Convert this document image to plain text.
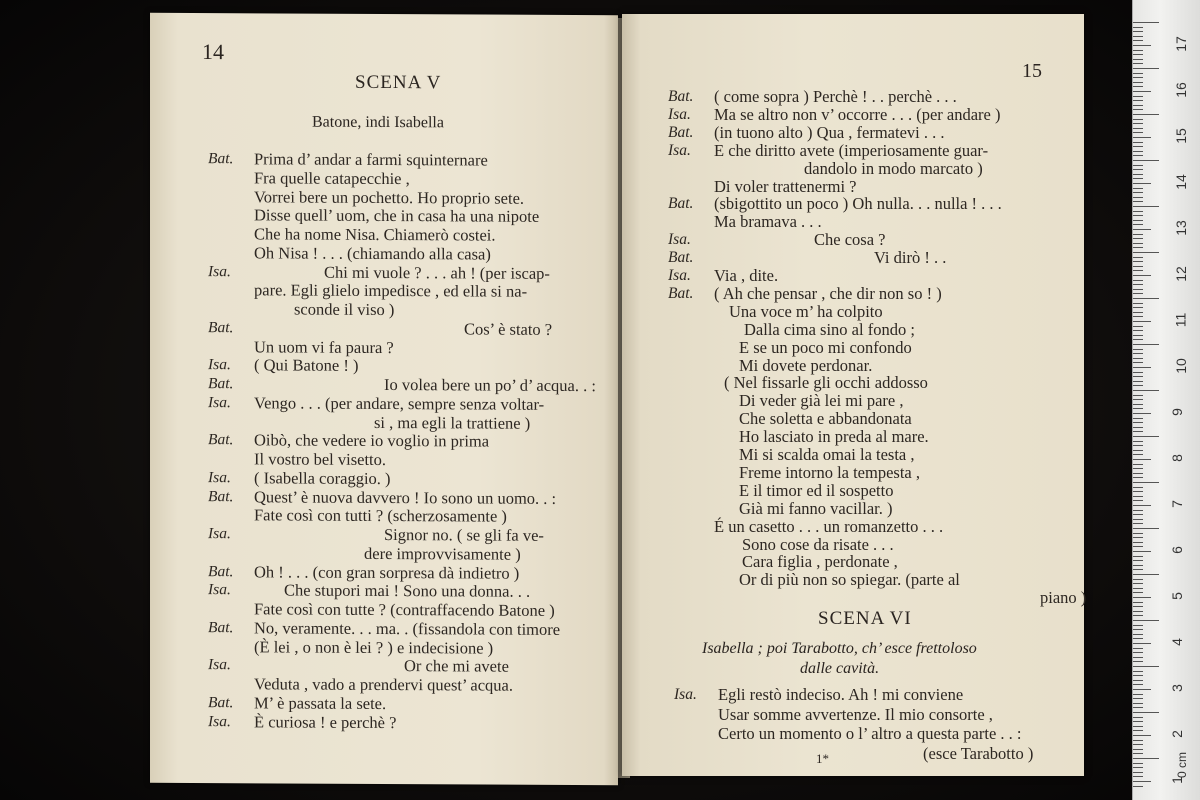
14
SCENA V
Batone, indi Isabella
Bat. Prima d’ andar a farmi squinternare
Fra quelle catapecchie ,
Vorrei bere un pochetto. Ho proprio sete.
Disse quell’ uom, che in casa ha una nipote
Che ha nome Nisa. Chiamerò costei.
Oh Nisa ! . . . (chiamando alla casa)
Isa.	Chi mi vuole ? . . . ah ! (per iscap-
pare. Egli glielo impedisce , ed ella si na-
sconde il viso )
Bat.	Cos’ è stato ?
Un uom vi fa paura ?
Isa. ( Qui Batone ! )
Bat.	Io volea bere un po’ d’ acqua. . :
Isa. Vengo . . . (per andare, sempre senza voltar-
si , ma egli la trattiene )
Bat. Oibò, che vedere io voglio in prima
Il vostro bel visetto.
Isa. ( Isabella coraggio. )
Bat. Quest’ è nuova davvero ! Io sono un uomo. . :
Fate così con tutti ? (scherzosamente )
Isa.	Signor no. ( se gli fa ve-
dere improvvisamente )
Bat. Oh ! . . . (con gran sorpresa dà indietro )
Isa.	Che stupori mai ! Sono una donna. . .
Fate così con tutte ? (contraffacendo Batone )
Bat. No, veramente. . . ma. . (fissandola con timore
(È lei , o non è lei ? ) e indecisione )
Isa.	Or che mi avete
Veduta , vado a prendervi quest’ acqua.
Bat. M’ è passata la sete.
Isa. È curiosa ! e perchè ?
15
Bat. ( come sopra ) Perchè ! . . perchè . . .
Isa. Ma se altro non v’ occorre . . . (per andare )
Bat. (in tuono alto ) Qua , fermatevi . . .
Isa. E che diritto avete (imperiosamente guar-
dandolo in modo marcato )
Di voler trattenermi ?
Bat. (sbigottito un poco ) Oh nulla. . . nulla ! . . .
Ma bramava . . .
Isa.	Che cosa ?
Bat.	Vi dirò ! . .
Isa. Via , dite.
Bat. ( Ah che pensar , che dir non so ! )
Una voce m’ ha colpito
Dalla cima sino al fondo ;
E se un poco mi confondo
Mi dovete perdonar.
( Nel fissarle gli occhi addosso
Di veder già lei mi pare ,
Che soletta e abbandonata
Ho lasciato in preda al mare.
Mi si scalda omai la testa ,
Freme intorno la tempesta ,
E il timor ed il sospetto
Già mi fanno vacillar. )
É un casetto . . . un romanzetto . . .
Sono cose da risate . . .
Cara figlia , perdonate ,
Or di più non so spiegar. (parte al
piano )
SCENA VI
Isabella ; poi Tarabotto, ch’ esce frettoloso
dalle cavità.
Isa. Egli restò indeciso. Ah ! mi conviene
Usar somme avvertenze. Il mio consorte ,
Certo un momento o l’ altro a questa parte . . :
(esce Tarabotto )
1*	0 cm
17
16
15
14
13
12
11
10
9
8
7
6
5
4
3
2
1
